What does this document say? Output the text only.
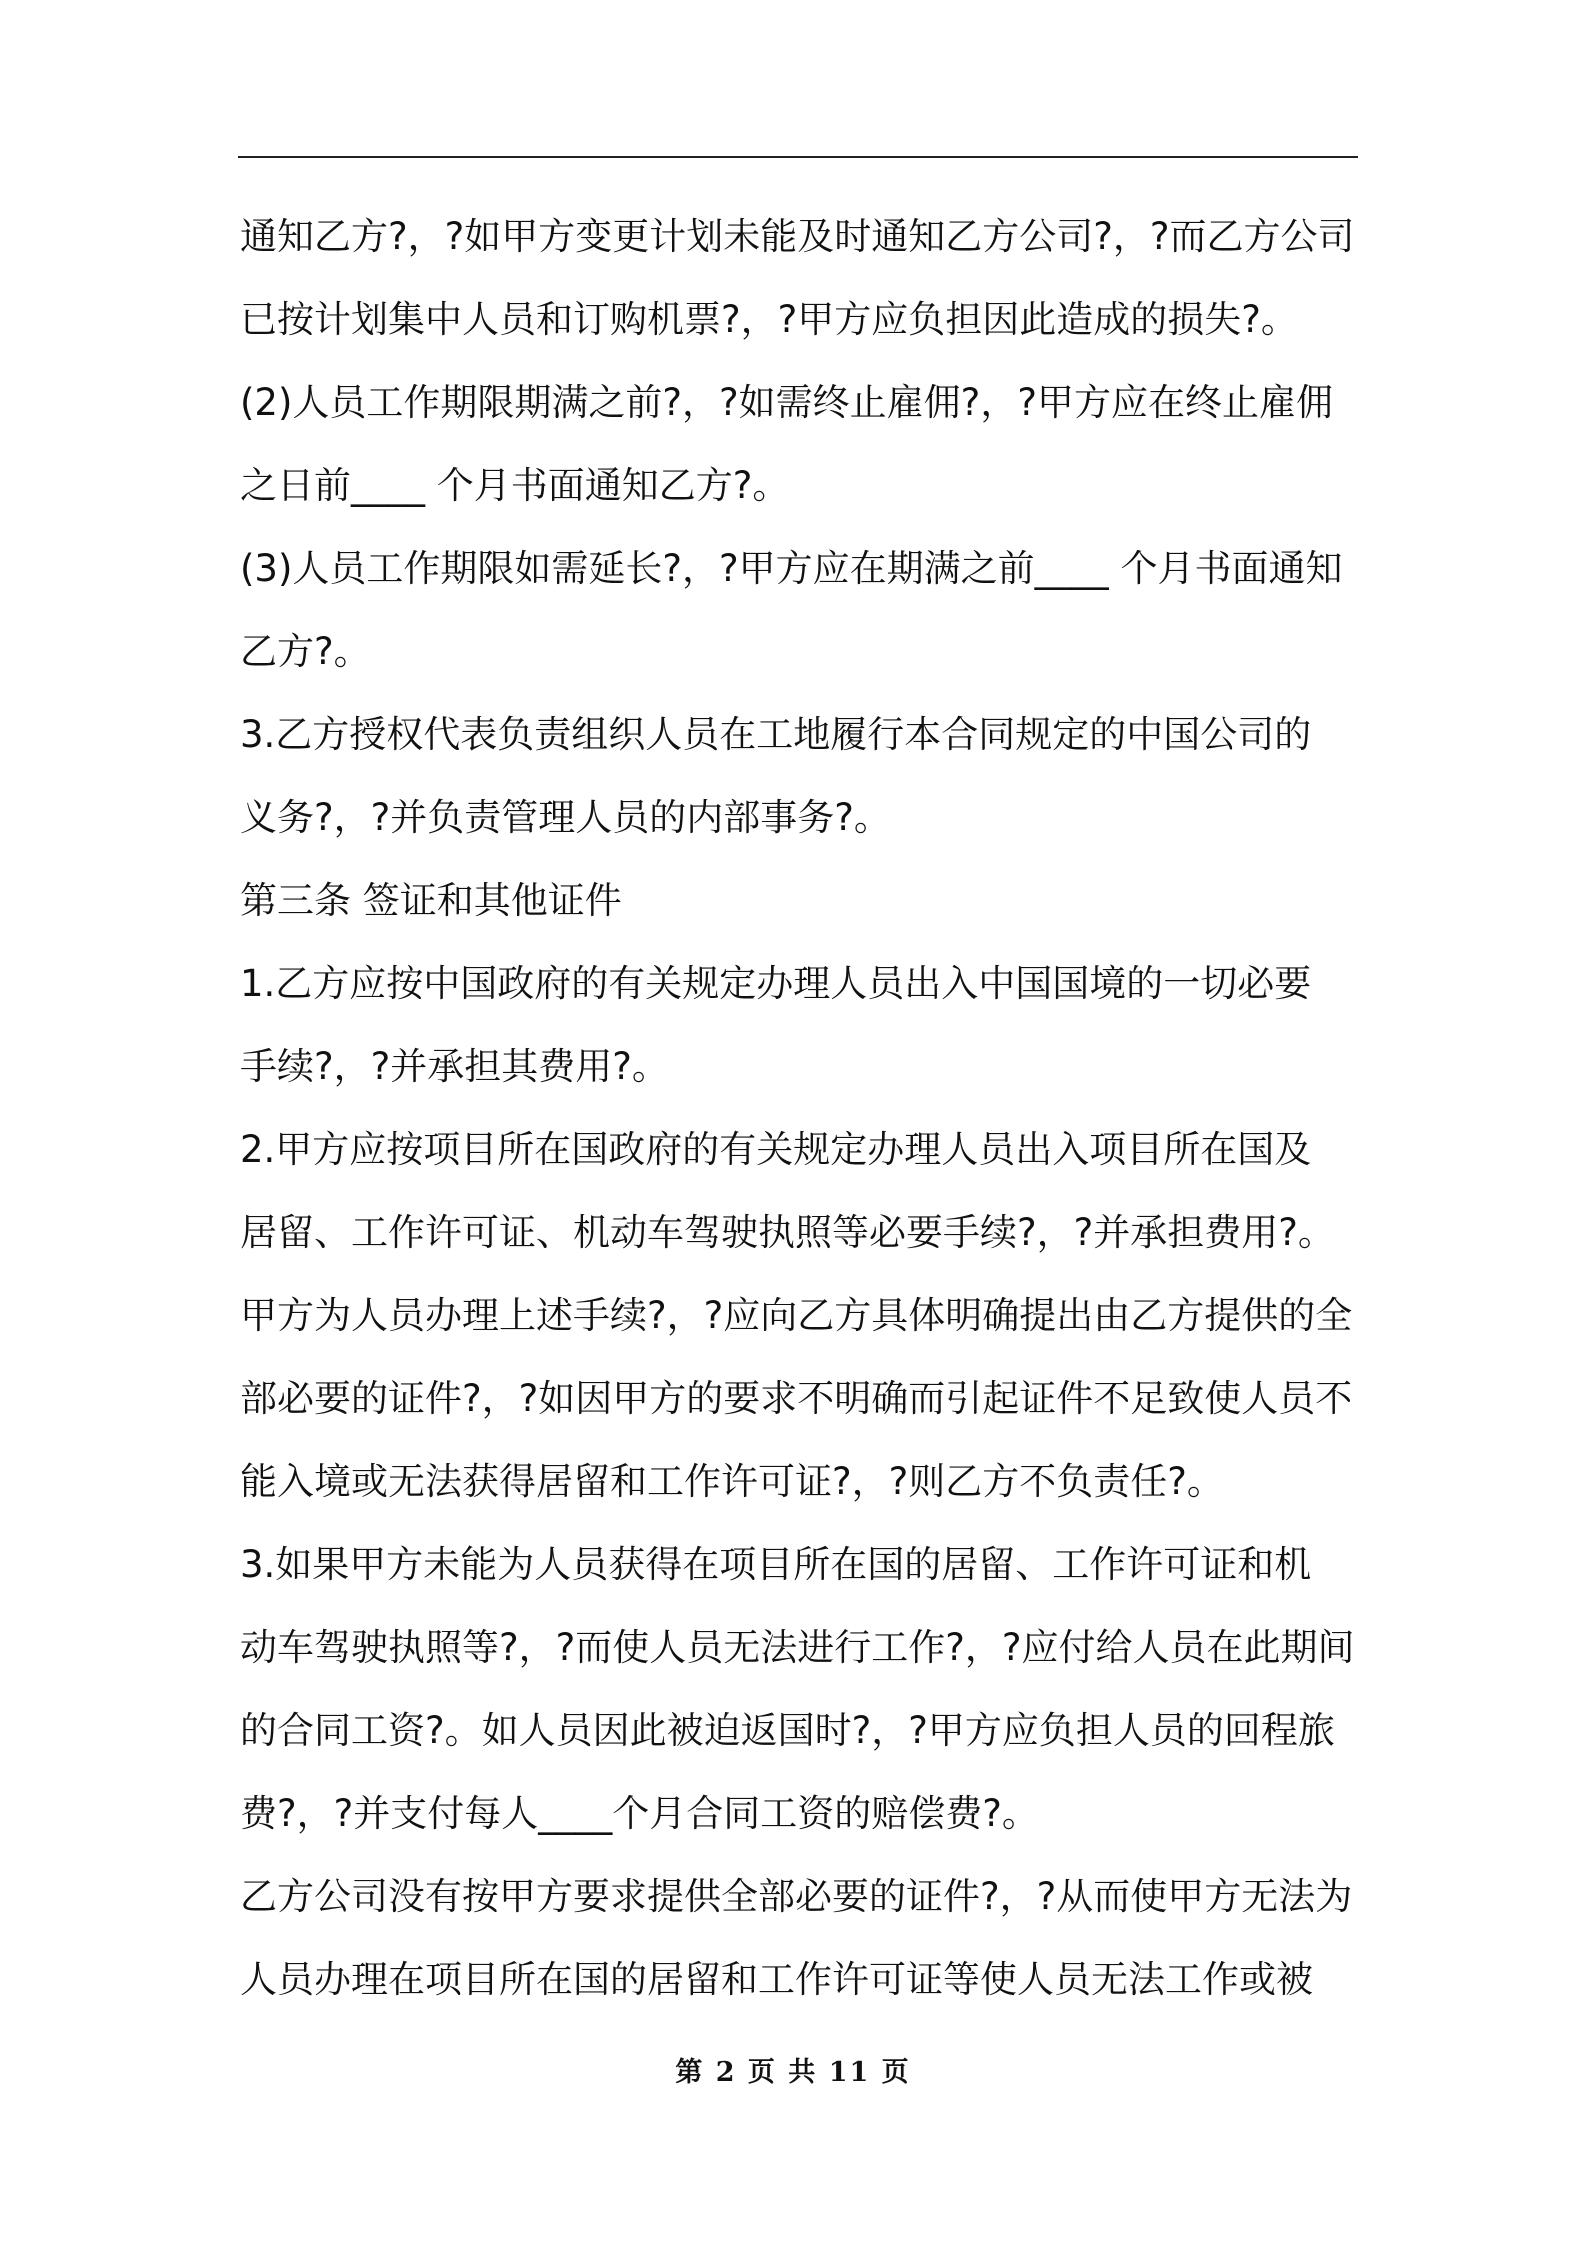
通知乙方?，?如甲方变更计划未能及时通知乙方公司?，?而乙方公司
已按计划集中人员和订购机票?，?甲方应负担因此造成的损失?。
(2)人员工作期限期满之前?，?如需终止雇佣?，?甲方应在终止雇佣
之日前____ 个月书面通知乙方?。
(3)人员工作期限如需延长?，?甲方应在期满之前____ 个月书面通知
乙方?。
3.乙方授权代表负责组织人员在工地履行本合同规定的中国公司的
义务?，?并负责管理人员的内部事务?。
第三条 签证和其他证件
1.乙方应按中国政府的有关规定办理人员出入中国国境的一切必要
手续?，?并承担其费用?。
2.甲方应按项目所在国政府的有关规定办理人员出入项目所在国及
居留、工作许可证、机动车驾驶执照等必要手续?，?并承担费用?。
甲方为人员办理上述手续?，?应向乙方具体明确提出由乙方提供的全
部必要的证件?，?如因甲方的要求不明确而引起证件不足致使人员不
能入境或无法获得居留和工作许可证?，?则乙方不负责任?。
3.如果甲方未能为人员获得在项目所在国的居留、工作许可证和机
动车驾驶执照等?，?而使人员无法进行工作?，?应付给人员在此期间
的合同工资?。如人员因此被迫返国时?，?甲方应负担人员的回程旅
费?，?并支付每人____个月合同工资的赔偿费?。
乙方公司没有按甲方要求提供全部必要的证件?，?从而使甲方无法为
人员办理在项目所在国的居留和工作许可证等使人员无法工作或被
第 2 页 共 11 页
